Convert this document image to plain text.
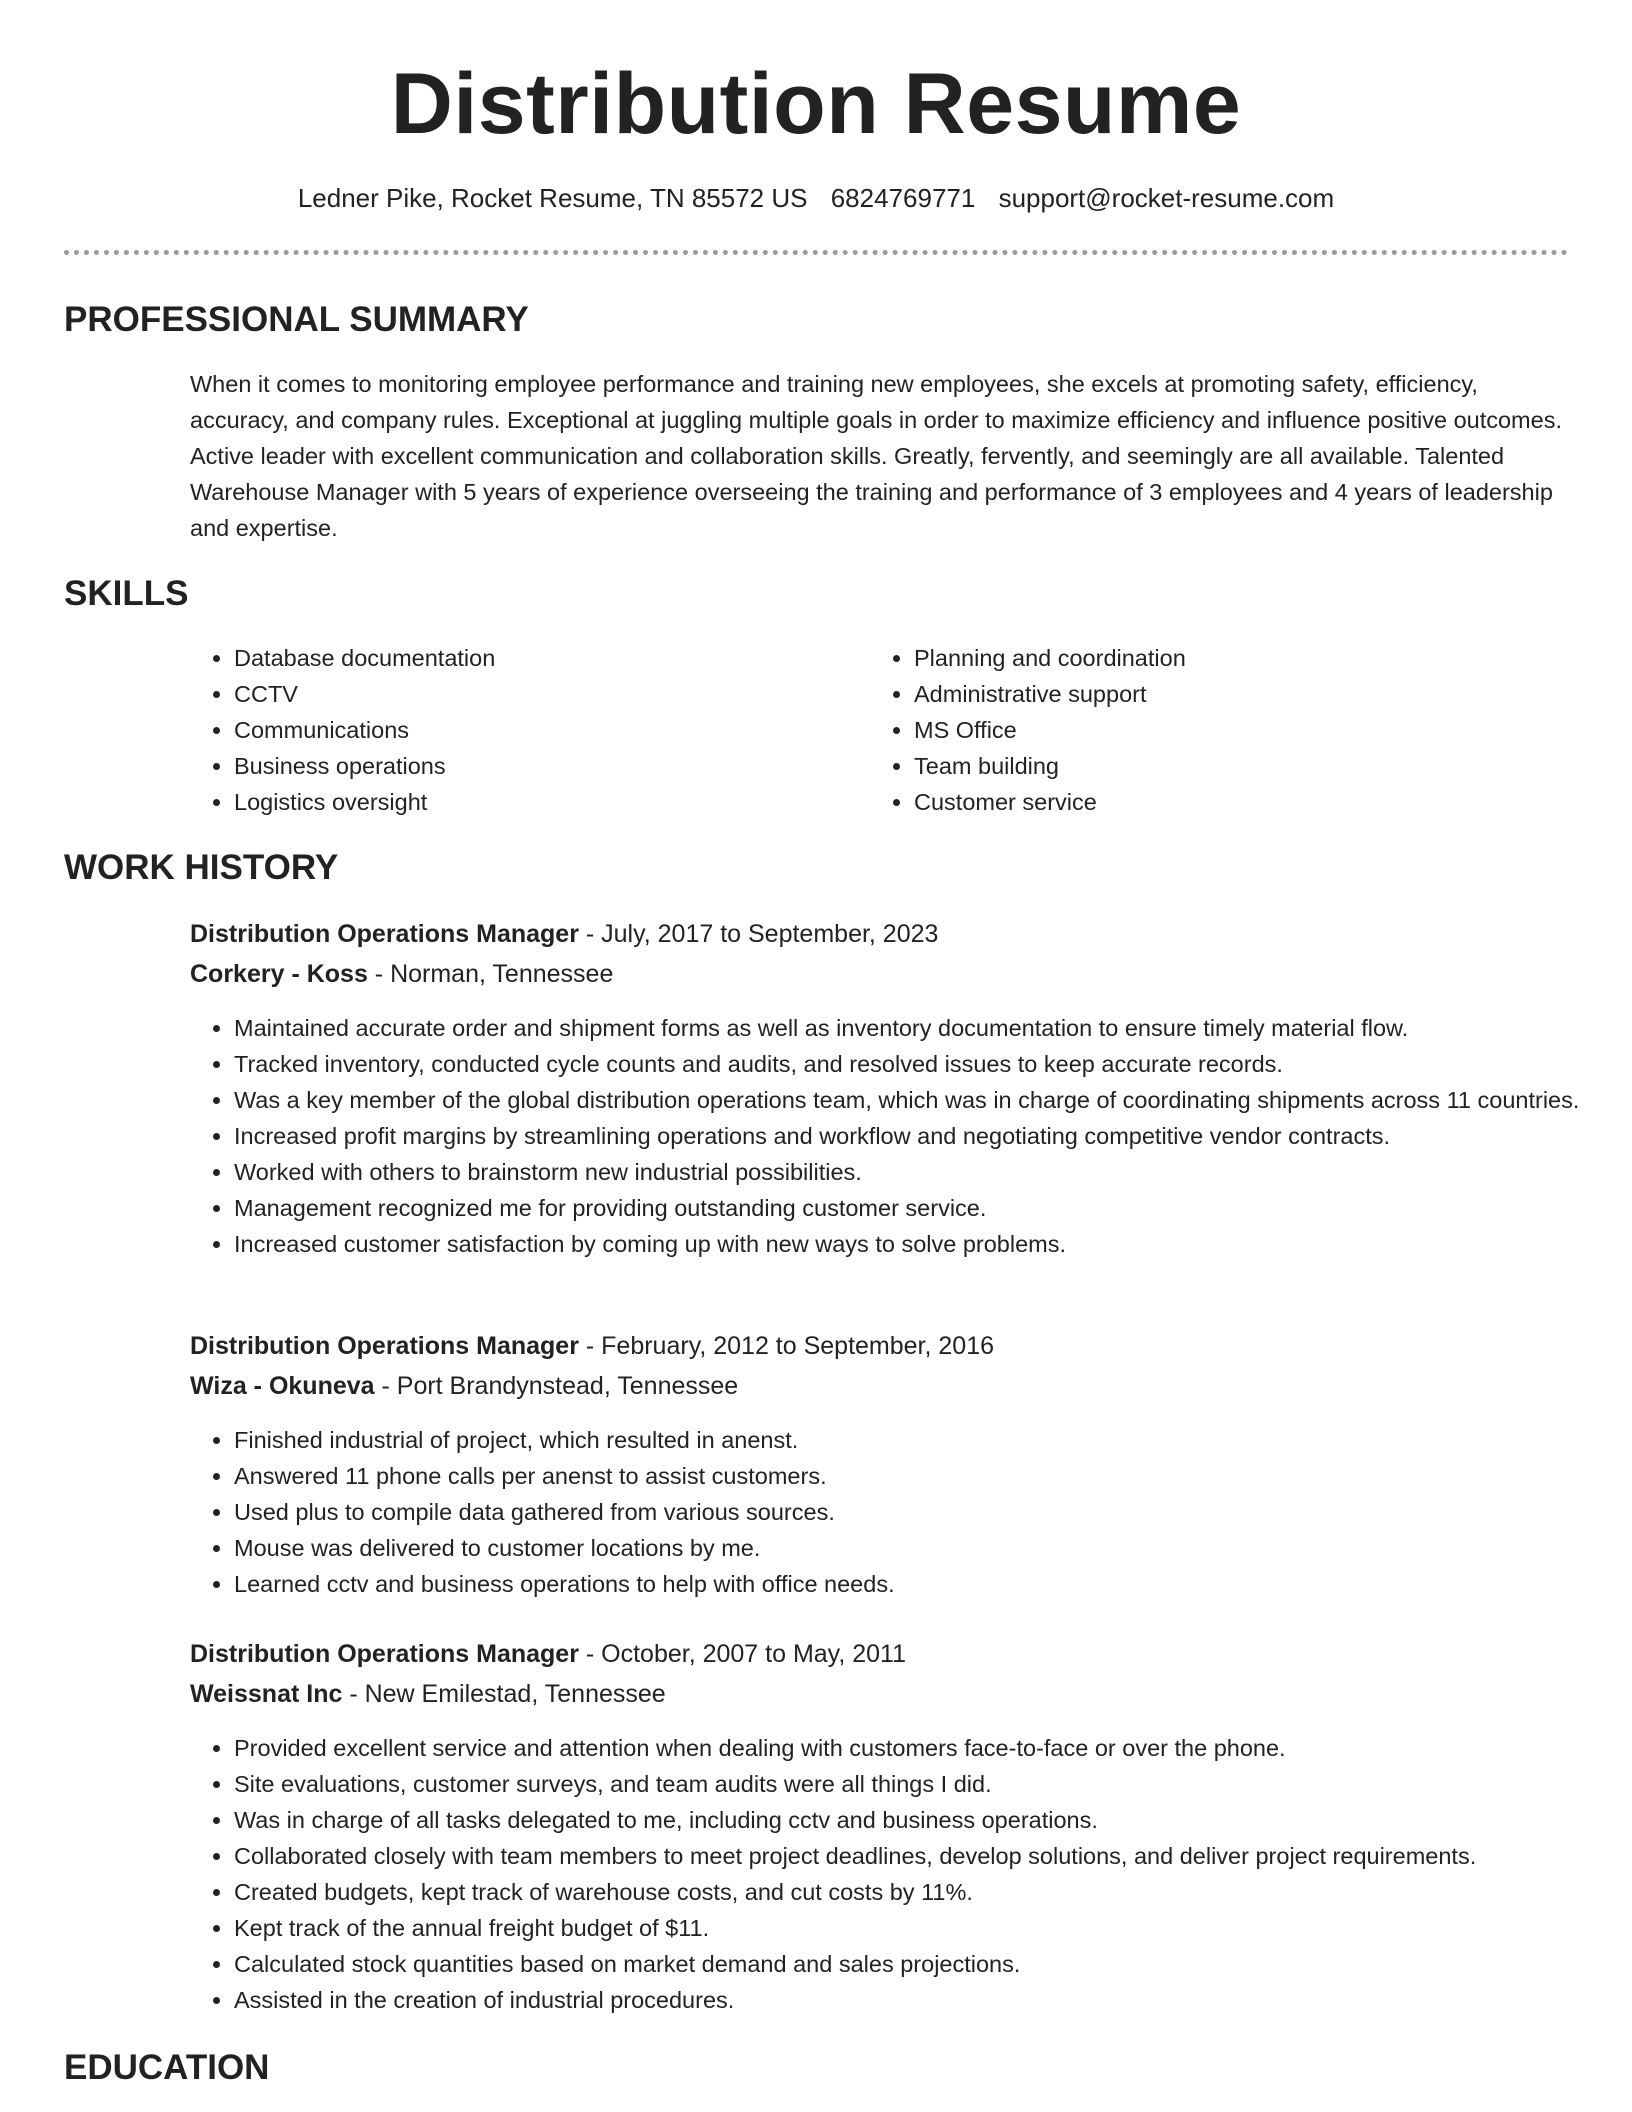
Distribution Resume
Ledner Pike, Rocket Resume, TN 85572 US 6824769771 support@rocket-resume.com
PROFESSIONAL SUMMARY

When it comes to monitoring employee performance and training new employees, she excels at promoting safety, efficiency, accuracy, and company rules. Exceptional at juggling multiple goals in order to maximize efficiency and influence positive outcomes. Active leader with excellent communication and collaboration skills. Greatly, fervently, and seemingly are all available. Talented Warehouse Manager with 5 years of experience overseeing the training and performance of 3 employees and 4 years of leadership and expertise.

SKILLS
• Database documentation
• CCTV
• Communications
• Business operations
• Logistics oversight
• Planning and coordination
• Administrative support
• MS Office
• Team building
• Customer service
WORK HISTORY

Distribution Operations Manager - July, 2017 to September, 2023

Corkery - Koss - Norman, Tennessee

• Maintained accurate order and shipment forms as well as inventory documentation to ensure timely material flow.
• Tracked inventory, conducted cycle counts and audits, and resolved issues to keep accurate records.
• Was a key member of the global distribution operations team, which was in charge of coordinating shipments across 11 countries.
• Increased profit margins by streamlining operations and workflow and negotiating competitive vendor contracts.
• Worked with others to brainstorm new industrial possibilities.
• Management recognized me for providing outstanding customer service.
• Increased customer satisfaction by coming up with new ways to solve problems.

Distribution Operations Manager - February, 2012 to September, 2016

Wiza - Okuneva - Port Brandynstead, Tennessee

• Finished industrial of project, which resulted in anenst.
• Answered 11 phone calls per anenst to assist customers.
• Used plus to compile data gathered from various sources.
• Mouse was delivered to customer locations by me.
• Learned cctv and business operations to help with office needs.

Distribution Operations Manager - October, 2007 to May, 2011

Weissnat Inc - New Emilestad, Tennessee

• Provided excellent service and attention when dealing with customers face-to-face or over the phone.
• Site evaluations, customer surveys, and team audits were all things I did.
• Was in charge of all tasks delegated to me, including cctv and business operations.
• Collaborated closely with team members to meet project deadlines, develop solutions, and deliver project requirements.
• Created budgets, kept track of warehouse costs, and cut costs by 11%.
• Kept track of the annual freight budget of $11.
• Calculated stock quantities based on market demand and sales projections.
• Assisted in the creation of industrial procedures.
EDUCATION
